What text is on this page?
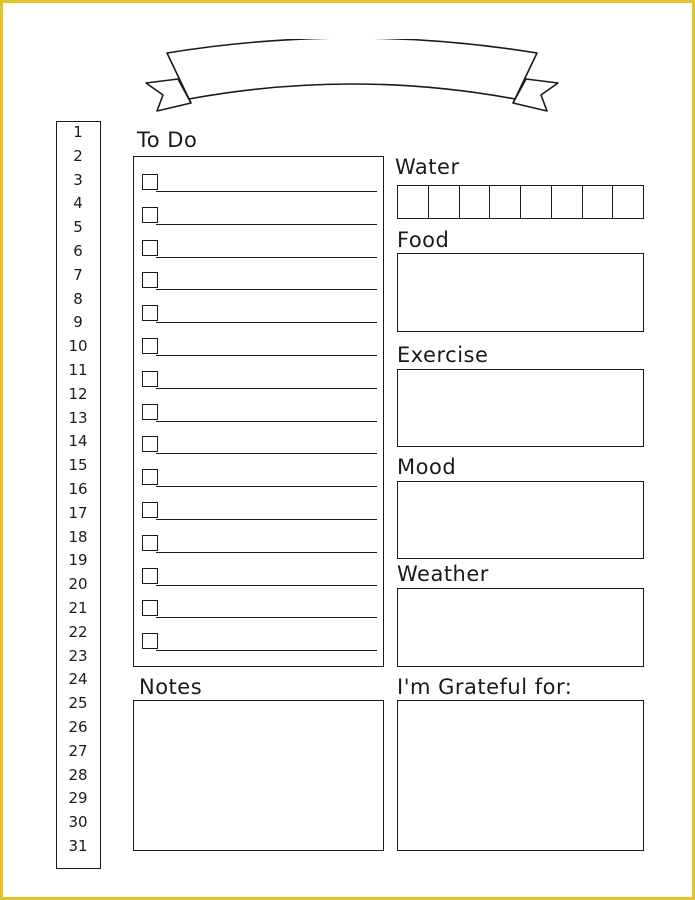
1
2
3
4
5
6
7
8
9
10
11
12
13
14
15
16
17
18
19
20
21
22
23
24
25
26
27
28
29
30
31
To Do
Water
Food
Exercise
Mood
Weather
Notes	I'm Grateful for:
